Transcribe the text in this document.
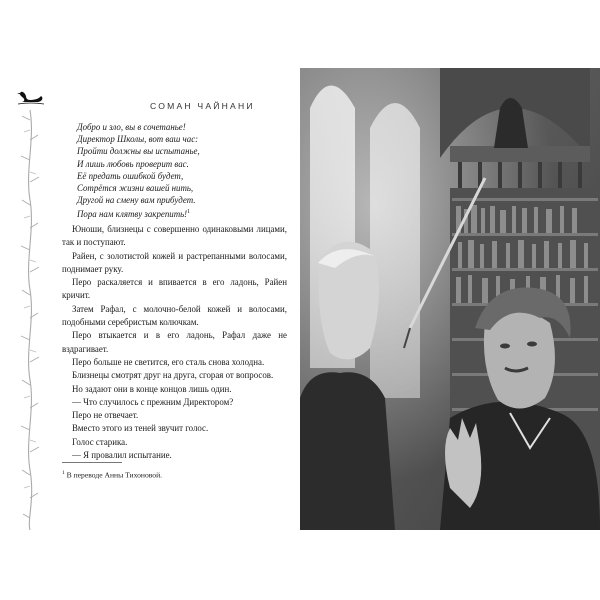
СОМАН ЧАЙНАНИ
Добро и зло, вы в сочетанье!
Директор Школы, вот ваш час:
Пройти должны вы испытанье,
И лишь любовь проверит вас.
Её предать ошибкой будет,
Сотрётся жизни вашей нить,
Другой на смену вам прибудет.
Пора нам клятву закрепить!$^1$

Юноши, близнецы с совершенно одинаковыми лицами, так и поступают.

Райен, с золотистой кожей и растрепанными волосами, поднимает руку.

Перо раскаляется и впивается в его ладонь, Райен кричит.

Затем Рафал, с молочно-белой кожей и волосами, подобными серебристым колючкам.

Перо втыкается и в его ладонь, Рафал даже не вздрагивает.

Перо больше не светится, его сталь снова холодна.

Близнецы смотрят друг на друга, сгорая от вопросов.

Но задают они в конце концов лишь один.

— Что случилось с прежним Директором?

Перо не отвечает.

Вместо этого из теней звучит голос.

Голос старика.

— Я провалил испытание.

$^1$ В переводе Анны Тихоновой.
